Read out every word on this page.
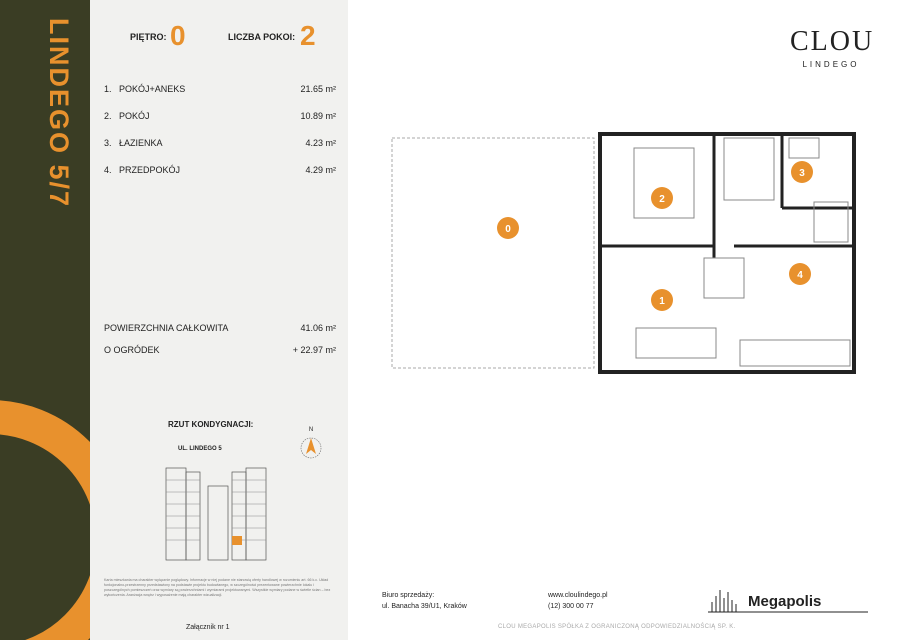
LINDEGO 5/7	PIĘTRO: 0	LICZBA POKOI: 2
1. POKÓJ+ANEKS	21.65 m²
2. POKÓJ	10.89 m²
3. ŁAZIENKA	4.23 m²
4. PRZEDPOKÓJ	4.29 m²
POWIERZCHNIA CAŁKOWITA	41.06 m²
O OGRÓDEK	+ 22.97 m²
RZUT KONDYGNACJI:
UL. LINDEGO 5
N
Karta mieszkania ma charakter wyłącznie poglądowy. Informacje w niej podane nie stanowią oferty handlowej w rozumieniu art. 66 k.c. Układ funkcjonalno-przestrzenny przedstawiony na podstawie projektu budowlanego, w szczególności prezentowane powierzchnie lokalu i poszczególnych pomieszczeń oraz wymiary są powierzchniami i wymiarami projektowanymi. Wszystkie wymiary podane w świetle ścian – bez wykończenia. Aranżacja wnętrz i wyposażenie mają charakter wizualizacji.
Załącznik nr 1
CLOU
LINDEGO
0
1
2
3
4
Biuro sprzedaży:
ul. Banacha 39/U1, Kraków
www.cloulindego.pl
(12) 300 00 77	Megapolis
CLOU MEGAPOLIS SPÓŁKA Z OGRANICZONĄ ODPOWIEDZIALNOŚCIĄ SP. K.
